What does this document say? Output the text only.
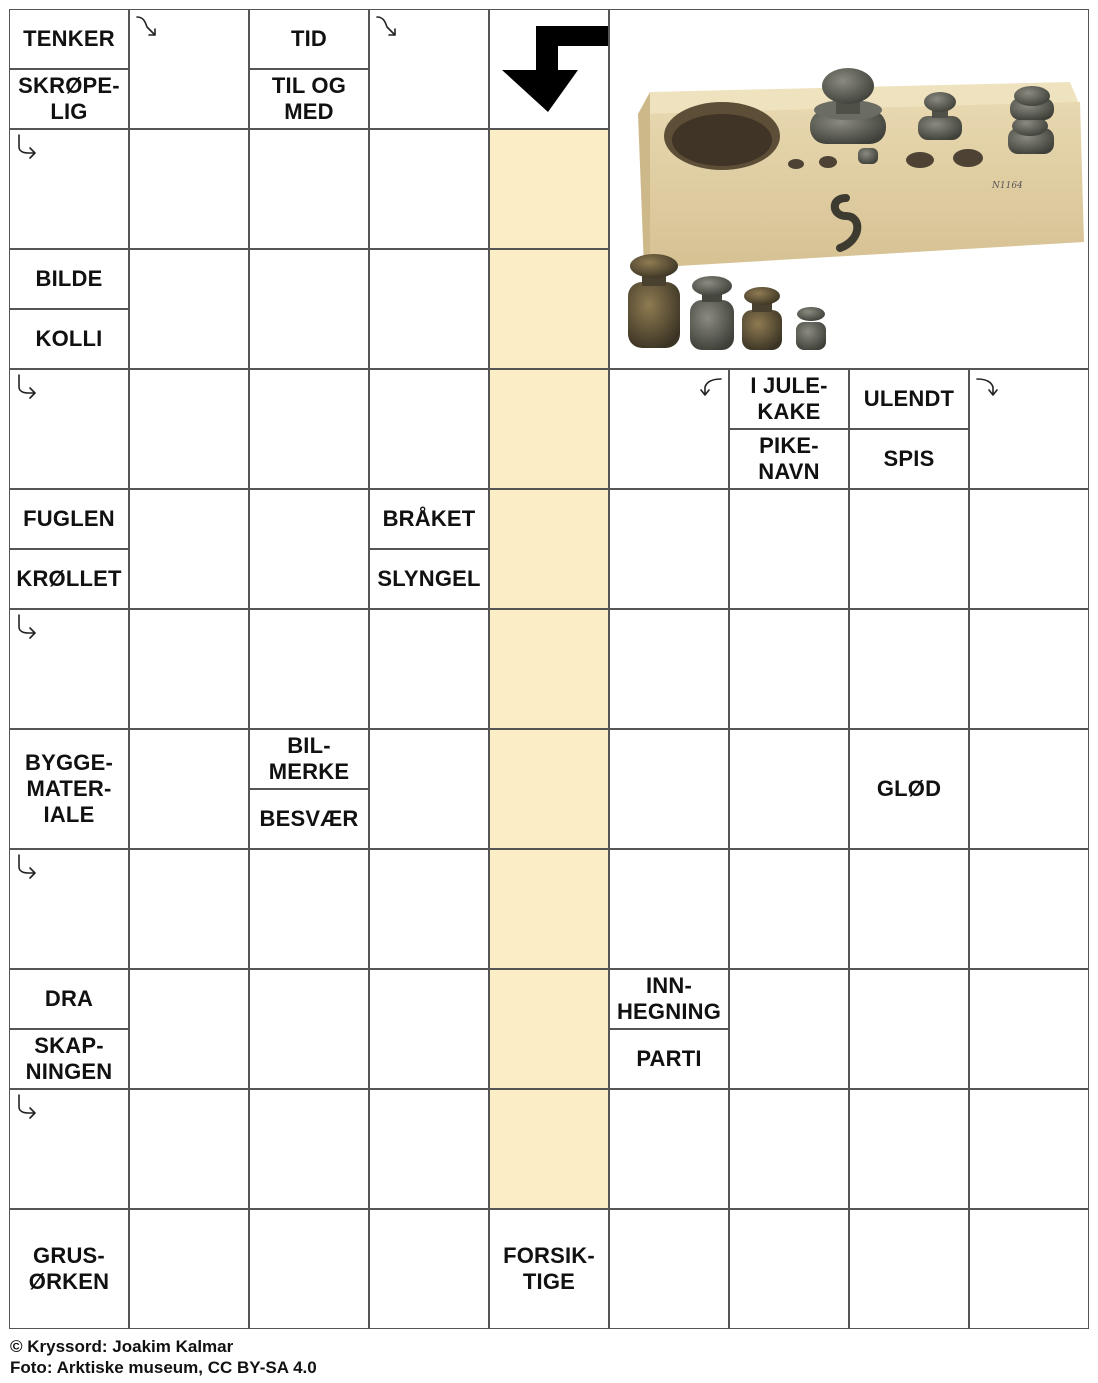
TENKER
SKRØPE-
LIG
TID
TIL OG
MED
BILDE
KOLLI
I JULE-
KAKE
PIKE-
NAVN
ULENDT
SPIS
FUGLEN
KRØLLET
BRÅKET
SLYNGEL
BYGGE-
MATER-
IALE
BIL-
MERKE
BESVÆR
GLØD
DRA
SKAP-
NINGEN
INN-
HEGNING
PARTI
GRUS-
ØRKEN
FORSIK-
TIGE
N1164
© Kryssord: Joakim Kalmar
Foto: Arktiske museum, CC BY-SA 4.0
